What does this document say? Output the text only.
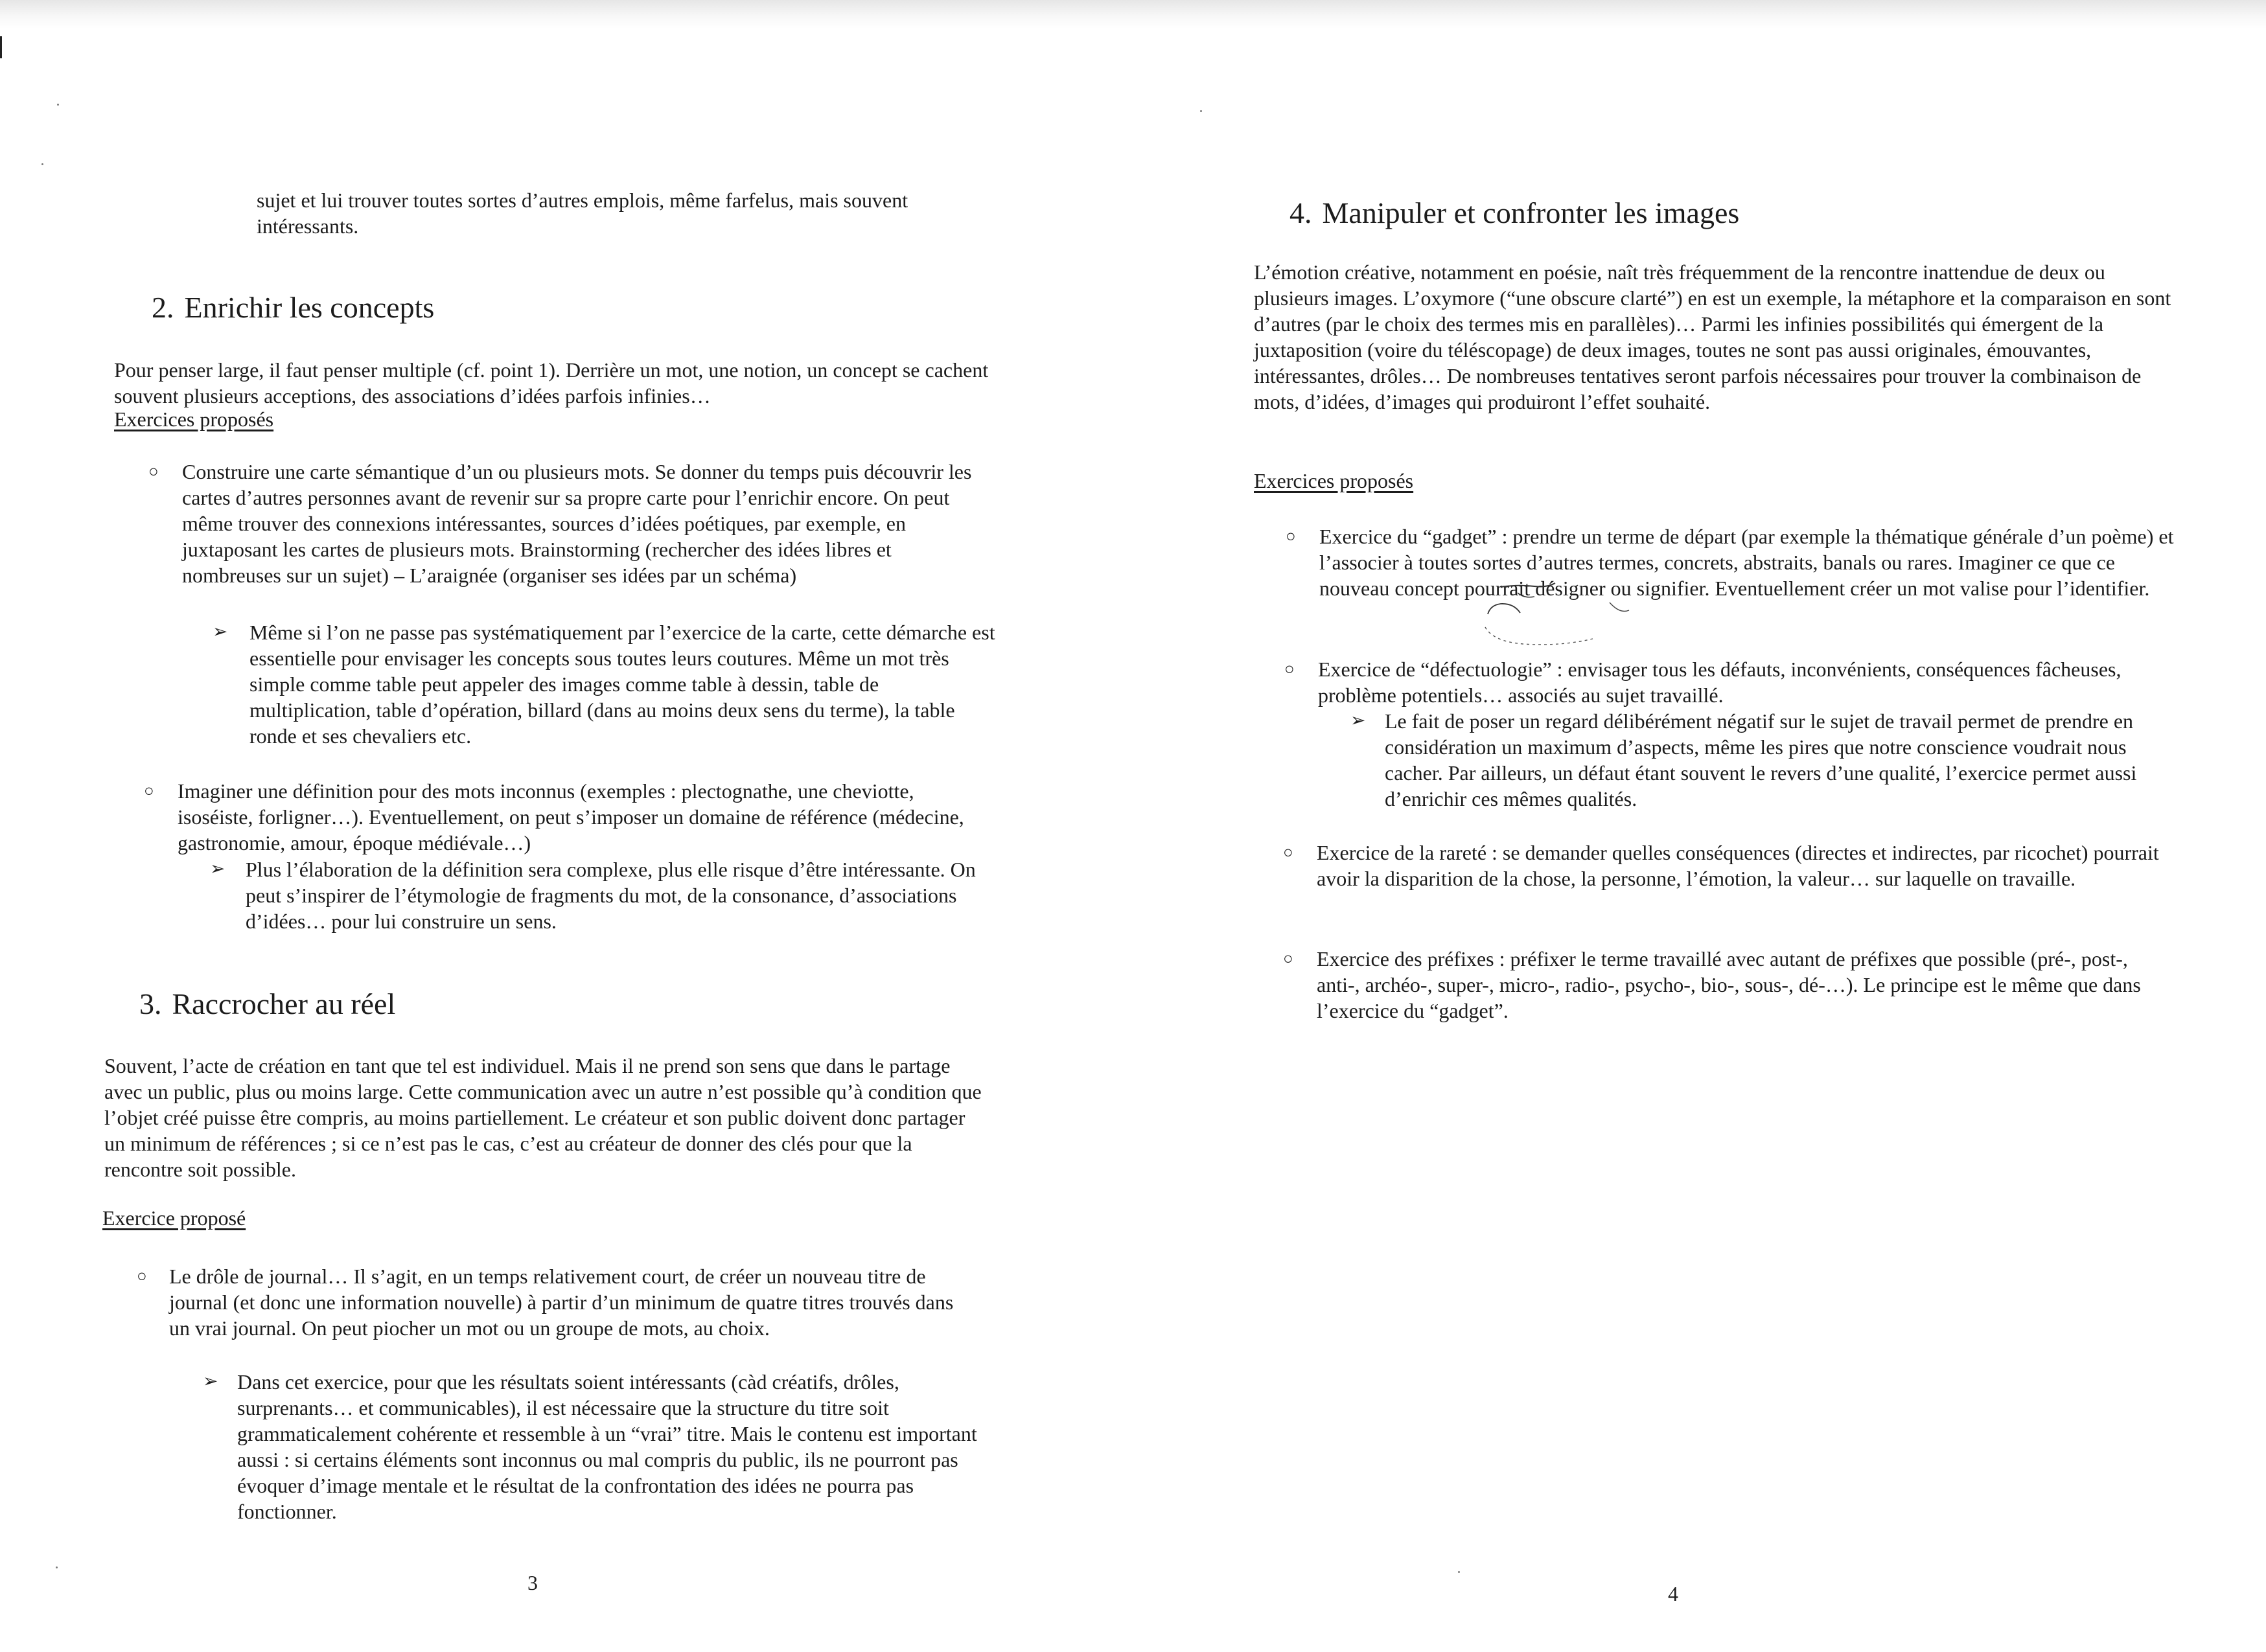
sujet et lui trouver toutes sortes d’autres emplois, même farfelus, mais souvent intéressants.

2. Enrichir les concepts

Pour penser large, il faut penser multiple (cf. point 1). Derrière un mot, une notion, un concept se cachent souvent plusieurs acceptions, des associations d’idées parfois infinies…

Exercices proposés
○ Construire une carte sémantique d’un ou plusieurs mots. Se donner du temps puis découvrir les cartes d’autres personnes avant de revenir sur sa propre carte pour l’enrichir encore. On peut même trouver des connexions intéressantes, sources d’idées poétiques, par exemple, en juxtaposant les cartes de plusieurs mots. Brainstorming (rechercher des idées libres et nombreuses sur un sujet) – L’araignée (organiser ses idées par un schéma)

➢ Même si l’on ne passe pas systématiquement par l’exercice de la carte, cette démarche est essentielle pour envisager les concepts sous toutes leurs coutures. Même un mot très simple comme table peut appeler des images comme table à dessin, table de multiplication, table d’opération, billard (dans au moins deux sens du terme), la table ronde et ses chevaliers etc.

○ Imaginer une définition pour des mots inconnus (exemples : plectognathe, une cheviotte, isoséiste, forligner…). Eventuellement, on peut s’imposer un domaine de référence (médecine, gastronomie, amour, époque médiévale…)

➢ Plus l’élaboration de la définition sera complexe, plus elle risque d’être intéressante. On peut s’inspirer de l’étymologie de fragments du mot, de la consonance, d’associations d’idées… pour lui construire un sens.

3. Raccrocher au réel

Souvent, l’acte de création en tant que tel est individuel. Mais il ne prend son sens que dans le partage avec un public, plus ou moins large. Cette communication avec un autre n’est possible qu’à condition que l’objet créé puisse être compris, au moins partiellement. Le créateur et son public doivent donc partager un minimum de références ; si ce n’est pas le cas, c’est au créateur de donner des clés pour que la rencontre soit possible.

Exercice proposé
○ Le drôle de journal… Il s’agit, en un temps relativement court, de créer un nouveau titre de journal (et donc une information nouvelle) à partir d’un minimum de quatre titres trouvés dans un vrai journal. On peut piocher un mot ou un groupe de mots, au choix.

➢ Dans cet exercice, pour que les résultats soient intéressants (càd créatifs, drôles, surprenants… et communicables), il est nécessaire que la structure du titre soit grammaticalement cohérente et ressemble à un “vrai” titre. Mais le contenu est important aussi : si certains éléments sont inconnus ou mal compris du public, ils ne pourront pas évoquer d’image mentale et le résultat de la confrontation des idées ne pourra pas fonctionner.

3
4. Manipuler et confronter les images

L’émotion créative, notamment en poésie, naît très fréquemment de la rencontre inattendue de deux ou plusieurs images. L’oxymore (“une obscure clarté”) en est un exemple, la métaphore et la comparaison en sont d’autres (par le choix des termes mis en parallèles)… Parmi les infinies possibilités qui émergent de la juxtaposition (voire du téléscopage) de deux images, toutes ne sont pas aussi originales, émouvantes, intéressantes, drôles… De nombreuses tentatives seront parfois nécessaires pour trouver la combinaison de mots, d’idées, d’images qui produiront l’effet souhaité.

Exercices proposés
○ Exercice du “gadget” : prendre un terme de départ (par exemple la thématique générale d’un poème) et l’associer à toutes sortes d’autres termes, concrets, abstraits, banals ou rares. Imaginer ce que ce nouveau concept pourrait désigner ou signifier. Eventuellement créer un mot valise pour l’identifier.

○ Exercice de “défectuologie” : envisager tous les défauts, inconvénients, conséquences fâcheuses, problème potentiels… associés au sujet travaillé.

➢ Le fait de poser un regard délibérément négatif sur le sujet de travail permet de prendre en considération un maximum d’aspects, même les pires que notre conscience voudrait nous cacher. Par ailleurs, un défaut étant souvent le revers d’une qualité, l’exercice permet aussi d’enrichir ces mêmes qualités.

○ Exercice de la rareté : se demander quelles conséquences (directes et indirectes, par ricochet) pourrait avoir la disparition de la chose, la personne, l’émotion, la valeur… sur laquelle on travaille.

○ Exercice des préfixes : préfixer le terme travaillé avec autant de préfixes que possible (pré-, post-, anti-, archéo-, super-, micro-, radio-, psycho-, bio-, sous-, dé-…). Le principe est le même que dans l’exercice du “gadget”.

4
